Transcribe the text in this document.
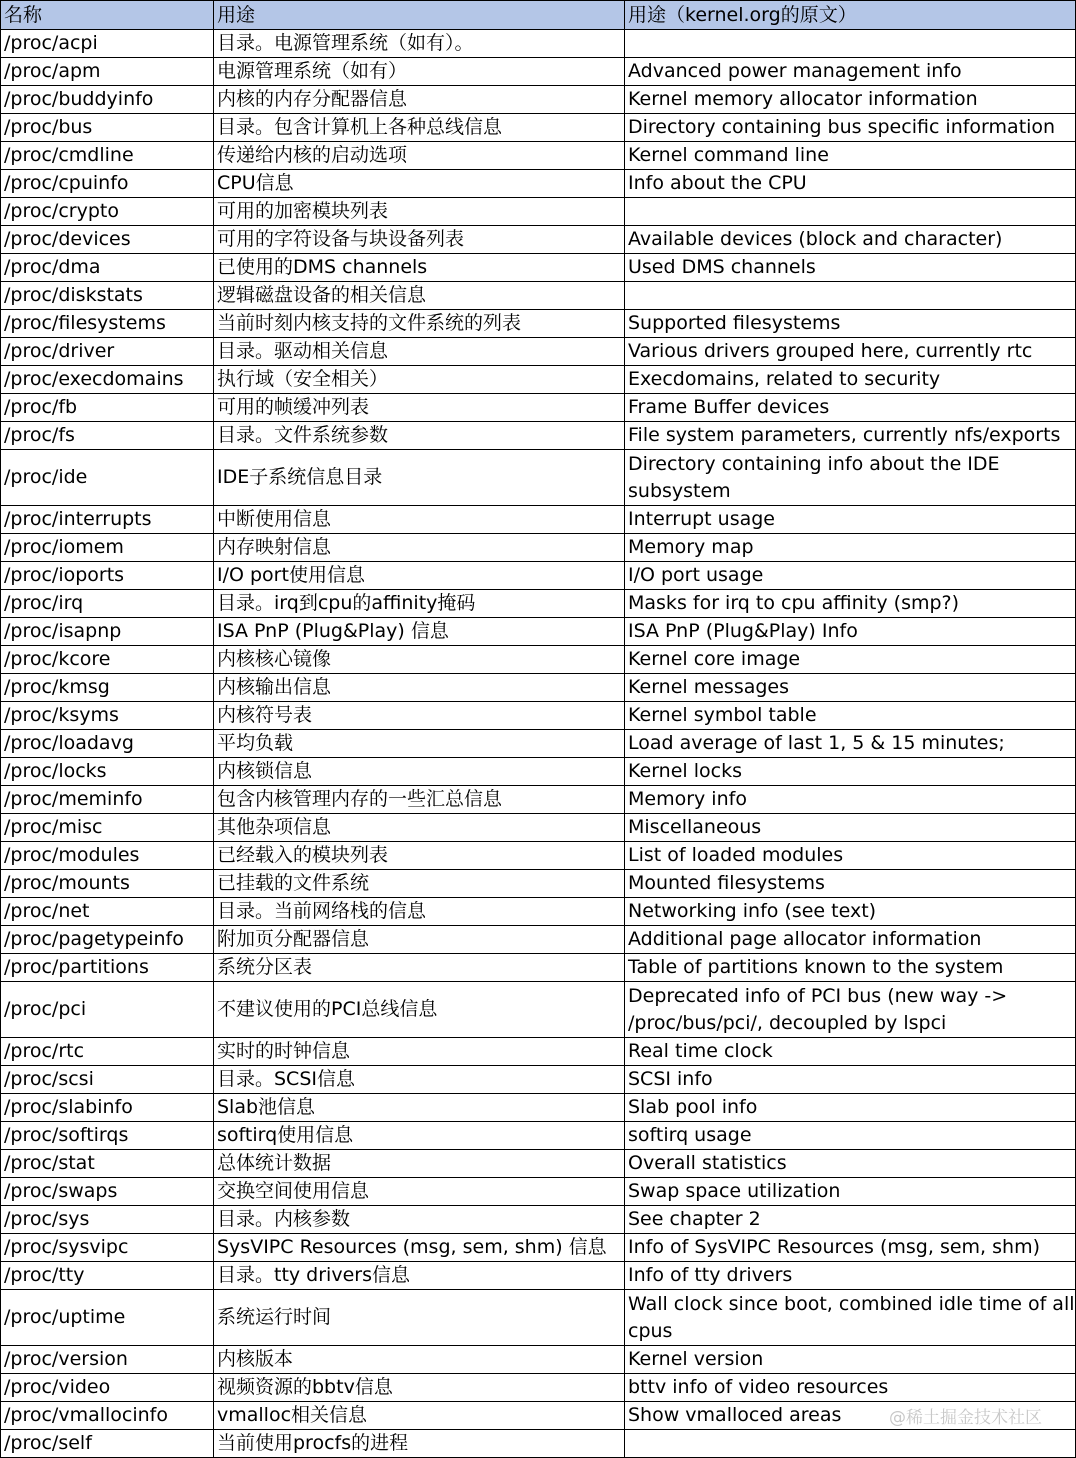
名称	用途	用途（kernel.org的原文）
/proc/acpi	目录。电源管理系统（如有）。	
/proc/apm	电源管理系统（如有）	Advanced power management info
/proc/buddyinfo	内核的内存分配器信息	Kernel memory allocator information
/proc/bus	目录。包含计算机上各种总线信息	Directory containing bus specific information
/proc/cmdline	传递给内核的启动选项	Kernel command line
/proc/cpuinfo	CPU信息	Info about the CPU
/proc/crypto	可用的加密模块列表	
/proc/devices	可用的字符设备与块设备列表	Available devices (block and character)
/proc/dma	已使用的DMS channels	Used DMS channels
/proc/diskstats	逻辑磁盘设备的相关信息	
/proc/filesystems	当前时刻内核支持的文件系统的列表	Supported filesystems
/proc/driver	目录。驱动相关信息	Various drivers grouped here, currently rtc
/proc/execdomains	执行域（安全相关）	Execdomains, related to security
/proc/fb	可用的帧缓冲列表	Frame Buffer devices
/proc/fs	目录。文件系统参数	File system parameters, currently nfs/exports
/proc/ide	IDE子系统信息目录	Directory containing info about the IDE subsystem
/proc/interrupts	中断使用信息	Interrupt usage
/proc/iomem	内存映射信息	Memory map
/proc/ioports	I/O port使用信息	I/O port usage
/proc/irq	目录。irq到cpu的affinity掩码	Masks for irq to cpu affinity (smp?)
/proc/isapnp	ISA PnP (Plug&Play) 信息	ISA PnP (Plug&Play) Info
/proc/kcore	内核核心镜像	Kernel core image
/proc/kmsg	内核输出信息	Kernel messages
/proc/ksyms	内核符号表	Kernel symbol table
/proc/loadavg	平均负载	Load average of last 1, 5 & 15 minutes;
/proc/locks	内核锁信息	Kernel locks
/proc/meminfo	包含内核管理内存的一些汇总信息	Memory info
/proc/misc	其他杂项信息	Miscellaneous
/proc/modules	已经载入的模块列表	List of loaded modules
/proc/mounts	已挂载的文件系统	Mounted filesystems
/proc/net	目录。当前网络栈的信息	Networking info (see text)
/proc/pagetypeinfo	附加页分配器信息	Additional page allocator information
/proc/partitions	系统分区表	Table of partitions known to the system
/proc/pci	不建议使用的PCI总线信息	Deprecated info of PCI bus (new way -> /proc/bus/pci/, decoupled by lspci
/proc/rtc	实时的时钟信息	Real time clock
/proc/scsi	目录。SCSI信息	SCSI info
/proc/slabinfo	Slab池信息	Slab pool info
/proc/softirqs	softirq使用信息	softirq usage
/proc/stat	总体统计数据	Overall statistics
/proc/swaps	交换空间使用信息	Swap space utilization
/proc/sys	目录。内核参数	See chapter 2
/proc/sysvipc	SysVIPC Resources (msg, sem, shm) 信息	Info of SysVIPC Resources (msg, sem, shm)
/proc/tty	目录。tty drivers信息	Info of tty drivers
/proc/uptime	系统运行时间	Wall clock since boot, combined idle time of all cpus
/proc/version	内核版本	Kernel version
/proc/video	视频资源的bbtv信息	bttv info of video resources
/proc/vmallocinfo	vmalloc相关信息	Show vmalloced areas
/proc/self	当前使用procfs的进程	
@稀土掘金技术社区
